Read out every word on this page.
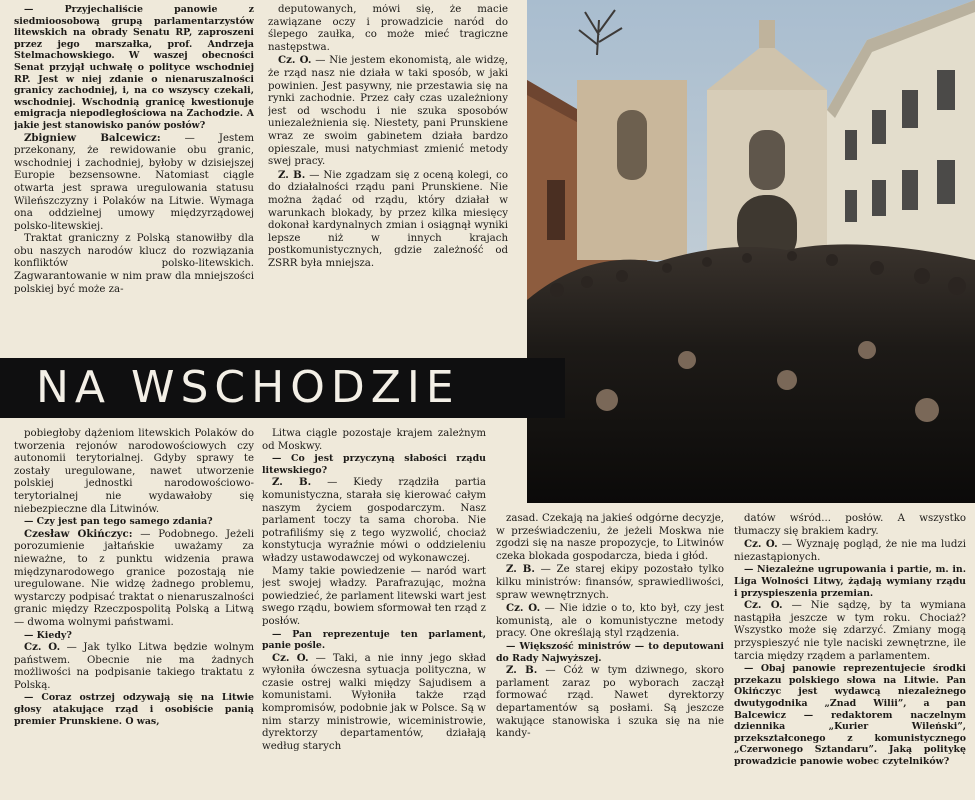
NA WSCHODZIE

— Przyjechaliście panowie z siedmioosobową grupą parlamentarzystów litewskich na obrady Senatu RP, zaproszeni przez jego marszałka, prof. Andrzeja Stelmachowskiego. W waszej obecności Senat przyjął uchwałę o polityce wschodniej RP. Jest w niej zdanie o nienaruszalności granicy zachodniej, i, na co wszyscy czekali, wschodniej. Wschodnią granicę kwestionuje emigracja niepodległościowa na Zachodzie. A jakie jest stanowisko panów posłów?

Zbigniew Balcewicz: — Jestem przekonany, że rewidowanie obu granic, wschodniej i zachodniej, byłoby w dzisiejszej Europie bezsensowne. Natomiast ciągle otwarta jest sprawa uregulowania statusu Wileńszczyzny i Polaków na Litwie. Wymaga ona oddzielnej umowy międzyrządowej polsko-litewskiej.

Traktat graniczny z Polską stanowiłby dla obu naszych narodów klucz do rozwiązania konfliktów polsko-litewskich. Zagwarantowanie w nim praw dla mniejszości polskiej być może za-

deputowanych, mówi się, że macie zawiązane oczy i prowadzicie naród do ślepego zaułka, co może mieć tragiczne następstwa.

Cz. O. — Nie jestem ekonomistą, ale widzę, że rząd nasz nie działa w taki sposób, w jaki powinien. Jest pasywny, nie przestawia się na rynki zachodnie. Przez cały czas uzależniony jest od wschodu i nie szuka sposobów uniezależnienia się. Niestety, pani Prunskiene wraz ze swoim gabinetem działa bardzo opieszale, musi natychmiast zmienić metody swej pracy.

Z. B. — Nie zgadzam się z oceną kolegi, co do działalności rządu pani Prunskiene. Nie można żądać od rządu, który działał w warunkach blokady, by przez kilka miesięcy dokonał kardynalnych zmian i osiągnął wyniki lepsze niż w innych krajach postkomunistycznych, gdzie zależność od ZSRR była mniejsza.

pobiegłoby dążeniom litewskich Polaków do tworzenia rejonów narodowościowych czy autonomii terytorialnej. Gdyby sprawy te zostały uregulowane, nawet utworzenie polskiej jednostki narodowościowo-terytorialnej nie wydawałoby się niebezpieczne dla Litwinów.

— Czy jest pan tego samego zdania?

Czesław Okińczyc: — Podobnego. Jeżeli porozumienie jałtańskie uważamy za nieważne, to z punktu widzenia prawa międzynarodowego granice pozostają nie uregulowane. Nie widzę żadnego problemu, wystarczy podpisać traktat o nienaruszalności granic między Rzeczpospolitą Polską a Litwą — dwoma wolnymi państwami.

— Kiedy?

Cz. O. — Jak tylko Litwa będzie wolnym państwem. Obecnie nie ma żadnych możliwości na podpisanie takiego traktatu z Polską.

— Coraz ostrzej odzywają się na Litwie głosy atakujące rząd i osobiście panią premier Prunskiene. O was,

Litwa ciągle pozostaje krajem zależnym od Moskwy.

— Co jest przyczyną słabości rządu litewskiego?

Z. B. — Kiedy rządziła partia komunistyczna, starała się kierować całym naszym życiem gospodarczym. Nasz parlament toczy ta sama choroba. Nie potrafiliśmy się z tego wyzwolić, chociaż konstytucja wyraźnie mówi o oddzieleniu władzy ustawodawczej od wykonawczej.

Mamy takie powiedzenie — naród wart jest swojej władzy. Parafrazując, można powiedzieć, że parlament litewski wart jest swego rządu, bowiem sformował ten rząd z posłów.

— Pan reprezentuje ten parlament, panie pośle.

Cz. O. — Taki, a nie inny jego skład wyłoniła ówczesna sytuacja polityczna, w czasie ostrej walki między Sajudisem a komunistami. Wyłoniła także rząd kompromisów, podobnie jak w Polsce. Są w nim starzy ministrowie, wiceministrowie, dyrektorzy departamentów, działają według starych

zasad. Czekają na jakieś odgórne decyzje, w przeświadczeniu, że jeżeli Moskwa nie zgodzi się na nasze propozycje, to Litwinów czeka blokada gospodarcza, bieda i głód.

Z. B. — Ze starej ekipy pozostało tylko kilku ministrów: finansów, sprawiedliwości, spraw wewnętrznych.

Cz. O. — Nie idzie o to, kto był, czy jest komunistą, ale o komunistyczne metody pracy. One określają styl rządzenia.

— Większość ministrów — to deputowani do Rady Najwyższej.

Z. B. — Cóż w tym dziwnego, skoro parlament zaraz po wyborach zaczął formować rząd. Nawet dyrektorzy departamentów są posłami. Są jeszcze wakujące stanowiska i szuka się na nie kandy-

datów wśród... posłów. A wszystko tłumaczy się brakiem kadry.

Cz. O. — Wyznaję pogląd, że nie ma ludzi niezastąpionych.

— Niezależne ugrupowania i partie, m. in. Liga Wolności Litwy, żądają wymiany rządu i przyspieszenia przemian.

Cz. O. — Nie sądzę, by ta wymiana nastąpiła jeszcze w tym roku. Chociaż? Wszystko może się zdarzyć. Zmiany mogą przyspieszyć nie tyle naciski zewnętrzne, ile tarcia między rządem a parlamentem.

— Obaj panowie reprezentujecie środki przekazu polskiego słowa na Litwie. Pan Okińczyc jest wydawcą niezależnego dwutygodnika „Znad Wilii”, a pan Balcewicz — redaktorem naczelnym dziennika „Kurier Wileński”, przekształconego z komunistycznego „Czerwonego Sztandaru”. Jaką politykę prowadzicie panowie wobec czytelników?
